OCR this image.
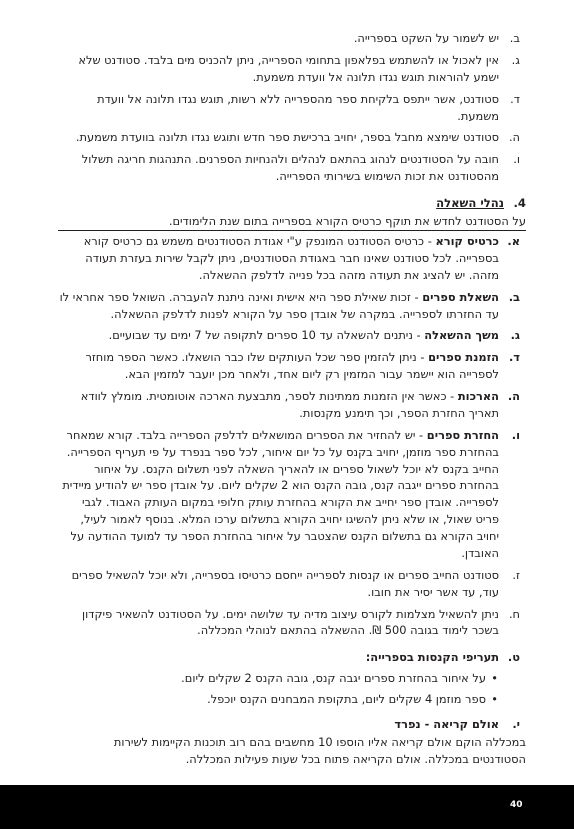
ב.
יש לשמור על השקט בספרייה.

ג.
אין לאכול או להשתמש בפלאפון בתחומי הספרייה, ניתן להכניס מים בלבד. סטודנט שלא ישמע להוראות תוגש נגדו תלונה אל וועדת משמעת.

ד.
סטודנט, אשר ייתפס בלקיחת ספר מהספרייה ללא רשות, תוגש נגדו תלונה אל וועדת משמעת.

ה.
סטודנט שימצא מחבל בספר, יחויב ברכישת ספר חדש ותוגש נגדו תלונה בוועדת משמעת.

ו.
חובה על הסטודנטים לנהוג בהתאם לנהלים ולהנחיות הספרנים. התנהגות חריגה תשלול מהסטודנט את זכות השימוש בשירותי הספרייה.

4.
נהלי השאלה

על הסטודנט לחדש את תוקף כרטיס הקורא בספרייה בתום שנת הלימודים.

א.
כרטיס קורא - כרטיס הסטודנט המונפק ע"י אגודת הסטודנטים משמש גם כרטיס קורא בספרייה. לכל סטודנט שאינו חבר באגודת הסטודנטים, ניתן לקבל שירות בעזרת תעודה מזהה. יש להציג את תעודה מזהה בכל פנייה לדלפק ההשאלה.

ב.
השאלת ספרים - זכות שאילת ספר היא אישית ואינה ניתנת להעברה. השואל ספר אחראי לו עד החזרתו לספרייה. במקרה של אובדן ספר על הקורא לפנות לדלפק ההשאלה.

ג.
משך ההשאלה - ניתנים להשאלה עד 10 ספרים לתקופה של 7 ימים עד שבועיים.

ד.
הזמנת ספרים - ניתן להזמין ספר שכל העותקים שלו כבר הושאלו. כאשר הספר מוחזר לספרייה הוא יישמר עבור המזמין רק ליום אחד, ולאחר מכן יועבר למזמין הבא.

ה.
הארכות - כאשר אין הזמנות ממתינות לספר, מתבצעת הארכה אוטומטית. מומלץ לוודא תאריך החזרת הספר, וכך תימנע מקנסות.

ו.
החזרת ספרים - יש להחזיר את הספרים המושאלים לדלפק הספרייה בלבד. קורא שמאחר בהחזרת ספר מוזמן, יחויב בקנס על כל יום איחור, לכל ספר בנפרד על פי תעריף הספרייה. החייב בקנס לא יוכל לשאול ספרים או להאריך השאלה לפני תשלום הקנס. על איחור בהחזרת ספרים ייגבה קנס, גובה הקנס הוא 2 שקלים ליום. על אובדן ספר יש להודיע מיידית לספרייה. אובדן ספר יחייב את הקורא בהחזרת עותק חלופי במקום העותק האבוד. לגבי פריט שאול, או שלא ניתן להשיגו יחויב הקורא בתשלום ערכו המלא. בנוסף לאמור לעיל, יחויב הקורא גם בתשלום הקנס שהצטבר על איחור בהחזרת הספר עד למועד ההודעה על האובדן.

ז.
סטודנט החייב ספרים או קנסות לספרייה ייחסם כרטיסו בספרייה, ולא יוכל להשאיל ספרים עוד, עד אשר יסיר את חובו.

ח.
ניתן להשאיל מצלמות לקורס עיצוב מדיה עד שלושה ימים. על הסטודנט להשאיר פיקדון בשכר לימוד בגובה 500 ₪. ההשאלה בהתאם לנוהלי המכללה.

ט.
תעריפי הקנסות בספרייה:
•
על איחור בהחזרת ספרים יגבה קנס, גובה הקנס 2 שקלים ליום.
•
ספר מוזמן 4 שקלים ליום, בתקופת המבחנים הקנס יוכפל.
י.
אולם קריאה - נפרד

במכללה הוקם אולם קריאה אליו הוספו 10 מחשבים בהם רוב תוכנות הקיימות לשירות הסטודנטים במכללה. אולם הקריאה פתוח בכל שעות פעילות המכללה.

40
